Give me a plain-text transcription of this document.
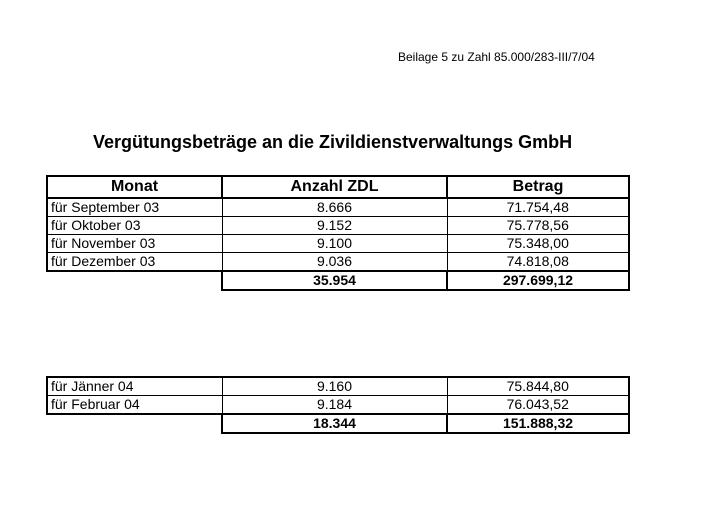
Beilage 5 zu Zahl 85.000/283-III/7/04
Vergütungsbeträge an die Zivildienstverwaltungs GmbH
Monat	Anzahl ZDL	Betrag
für September 03	8.666	71.754,48
für Oktober 03	9.152	75.778,56
für November 03	9.100	75.348,00
für Dezember 03	9.036	74.818,08
	35.954	297.699,12
für Jänner 04	9.160	75.844,80
für Februar 04	9.184	76.043,52
	18.344	151.888,32
